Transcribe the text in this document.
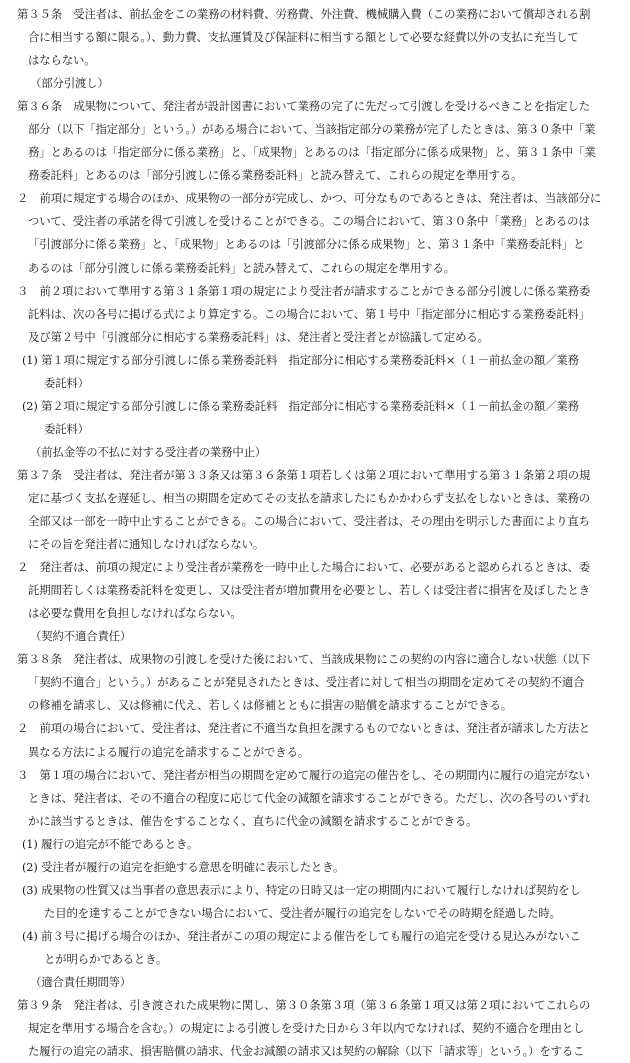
第３５条　受注者は、前払金をこの業務の材料費、労務費、外注費、機械購入費（この業務において償却される割
合に相当する額に限る。）、動力費、支払運賃及び保証料に相当する額として必要な経費以外の支払に充当して
はならない。
（部分引渡し）
第３６条　成果物について、発注者が設計図書において業務の完了に先だって引渡しを受けるべきことを指定した
部分（以下「指定部分」という。）がある場合において、当該指定部分の業務が完了したときは、第３０条中「業
務」とあるのは「指定部分に係る業務」と、「成果物」とあるのは「指定部分に係る成果物」と、第３１条中「業
務委託料」とあるのは「部分引渡しに係る業務委託料」と読み替えて、これらの規定を準用する。
２　前項に規定する場合のほか、成果物の一部分が完成し、かつ、可分なものであるときは、発注者は、当該部分に
ついて、受注者の承諾を得て引渡しを受けることができる。この場合において、第３０条中「業務」とあるのは
「引渡部分に係る業務」と、「成果物」とあるのは「引渡部分に係る成果物」と、第３１条中「業務委託料」と
あるのは「部分引渡しに係る業務委託料」と読み替えて、これらの規定を準用する。
３　前２項において準用する第３１条第１項の規定により受注者が請求することができる部分引渡しに係る業務委
託料は、次の各号に掲げる式により算定する。この場合において、第１号中「指定部分に相応する業務委託料」
及び第２号中「引渡部分に相応する業務委託料」は、発注者と受注者とが協議して定める。
(1) 第１項に規定する部分引渡しに係る業務委託料　指定部分に相応する業務委託料×（１－前払金の額／業務
委託料）
(2) 第２項に規定する部分引渡しに係る業務委託料　指定部分に相応する業務委託料×（１－前払金の額／業務
委託料）
（前払金等の不払に対する受注者の業務中止）
第３７条　受注者は、発注者が第３３条又は第３６条第１項若しくは第２項において準用する第３１条第２項の規
定に基づく支払を遅延し、相当の期間を定めてその支払を請求したにもかかわらず支払をしないときは、業務の
全部又は一部を一時中止することができる。この場合において、受注者は、その理由を明示した書面により直ち
にその旨を発注者に通知しなければならない。
２　発注者は、前項の規定により受注者が業務を一時中止した場合において、必要があると認められるときは、委
託期間若しくは業務委託料を変更し、又は受注者が増加費用を必要とし、若しくは受注者に損害を及ぼしたとき
は必要な費用を負担しなければならない。
（契約不適合責任）
第３８条　発注者は、成果物の引渡しを受けた後において、当該成果物にこの契約の内容に適合しない状態（以下
「契約不適合」という。）があることが発見されたときは、受注者に対して相当の期間を定めてその契約不適合
の修補を請求し、又は修補に代え、若しくは修補とともに損害の賠償を請求することができる。
２　前項の場合において、受注者は、発注者に不適当な負担を課するものでないときは、発注者が請求した方法と
異なる方法による履行の追完を請求することができる。
３　第１項の場合において、発注者が相当の期間を定めて履行の追完の催告をし、その期間内に履行の追完がない
ときは、発注者は、その不適合の程度に応じて代金の減額を請求することができる。ただし、次の各号のいずれ
かに該当するときは、催告をすることなく、直ちに代金の減額を請求することができる。
(1) 履行の追完が不能であるとき。
(2) 受注者が履行の追完を拒絶する意思を明確に表示したとき。
(3) 成果物の性質又は当事者の意思表示により、特定の日時又は一定の期間内において履行しなければ契約をし
た目的を達することができない場合において、受注者が履行の追完をしないでその時期を経過した時。
(4) 前３号に掲げる場合のほか、発注者がこの項の規定による催告をしても履行の追完を受ける見込みがないこ
とが明らかであるとき。
（適合責任期間等）
第３９条　発注者は、引き渡された成果物に関し、第３０条第３項（第３６条第１項又は第２項においてこれらの
規定を準用する場合を含む。）の規定による引渡しを受けた日から３年以内でなければ、契約不適合を理由とし
た履行の追完の請求、損害賠償の請求、代金お減額の請求又は契約の解除（以下「請求等」という。）をするこ
